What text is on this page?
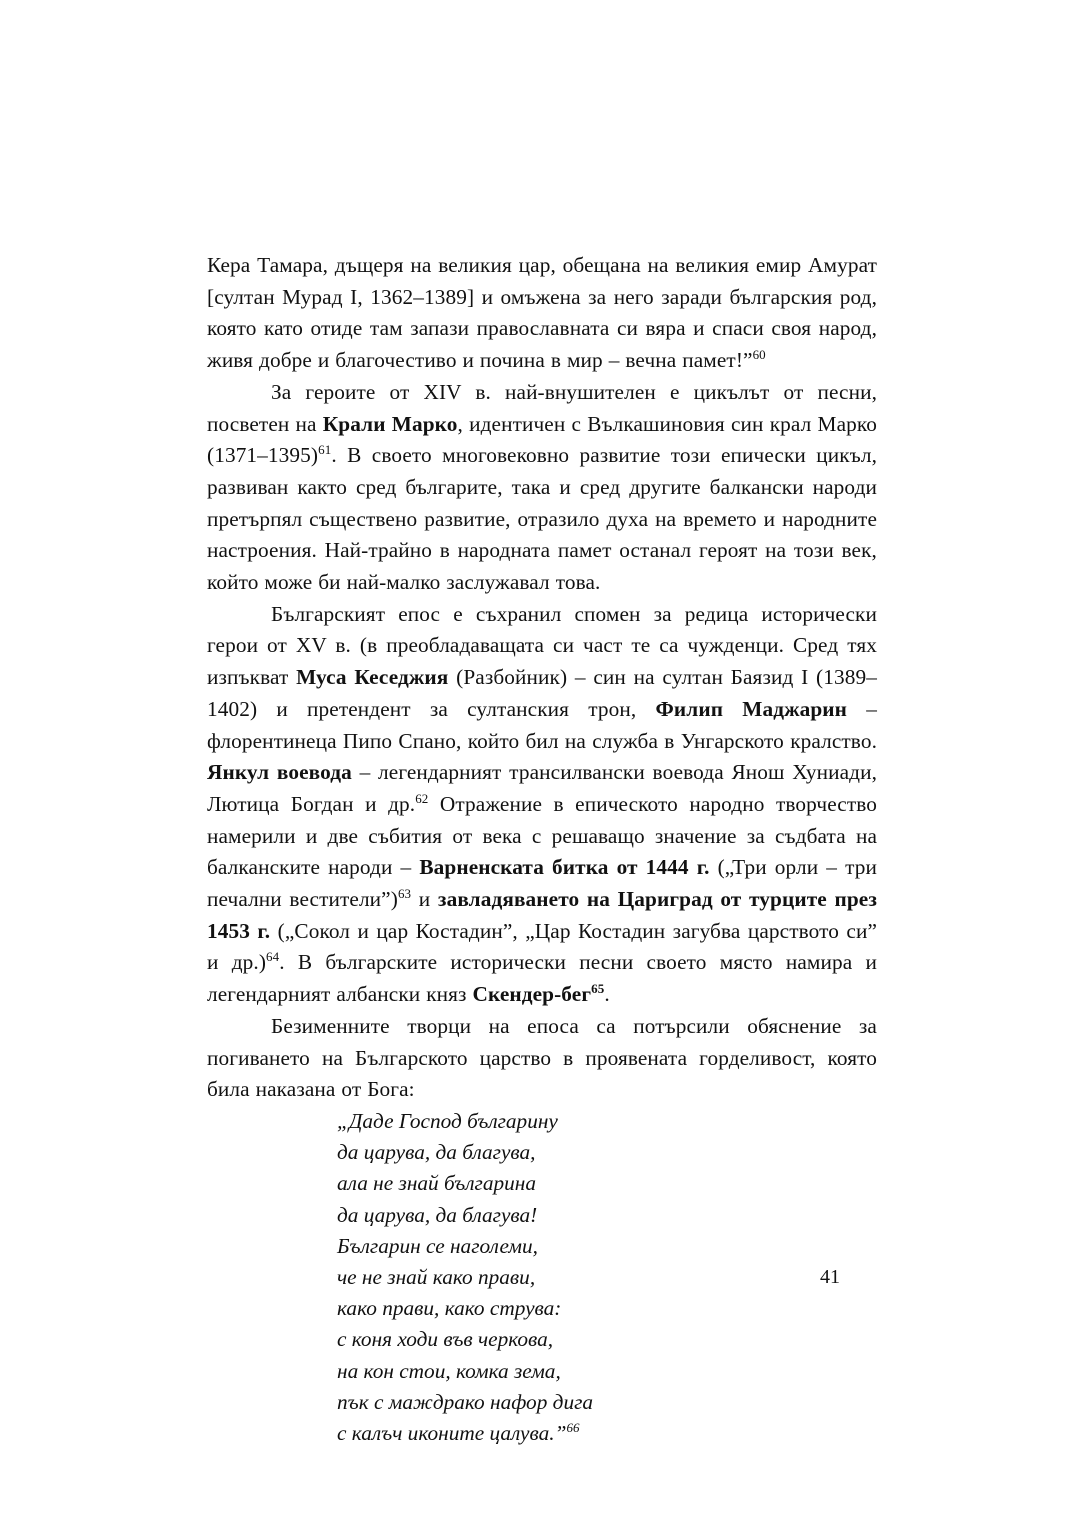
Кера Тамара, дъщеря на великия цар, обещана на великия емир Амурат [султан Мурад I, 1362–1389] и омъжена за него заради българския род, която като отиде там запази православната си вяра и спаси своя народ, живя добре и благочестиво и почина в мир – вечна памет!”$^{60}$

За героите от XIV в. най-внушителен е цикълът от песни, посветен на Крали Марко, идентичен с Вълкашиновия син крал Марко (1371–1395)$^{61}$. В своето многовековно развитие този епически цикъл, развиван както сред българите, така и сред другите балкански народи претърпял съществено развитие, отразило духа на времето и народните настроения. Най-трайно в народната памет останал героят на този век, който може би най-малко заслужавал това.

Българският епос е съхранил спомен за редица исторически герои от XV в. (в преобладаващата си част те са чужденци. Сред тях изпъкват Муса Кеседжия (Разбойник) – син на султан Баязид I (1389–1402) и претендент за султанския трон, Филип Маджарин – флорентинеца Пипо Спано, който бил на служба в Унгарското кралство. Янкул воевода – легендарният трансилвански воевода Янош Хуниади, Лютица Богдан и др.$^{62}$ Отражение в епическото народно творчество намерили и две събития от века с решаващо значение за съдбата на балканските народи – Варненската битка от 1444 г. („Три орли – три печални вестители”)$^{63}$ и завладяването на Цариград от турците през 1453 г. („Сокол и цар Костадин”, „Цар Костадин загубва царството си” и др.)$^{64}$. В българските исторически песни своето място намира и легендарният албански княз Скендер-бег$^{65}$.

Безименните творци на епоса са потърсили обяснение за погиването на Българското царство в проявената горделивост, която била наказана от Бога:

„Даде Господ българину
да царува, да благува,
ала не знай българина
да царува, да благува!
Българин се наголеми,
че не знай како прави,
како прави, како струва:
с коня ходи във черкова,
на кон стои, комка зема,
пък с маждрако нафор дига
с калъч иконите цалува.”$^{66}$
41
